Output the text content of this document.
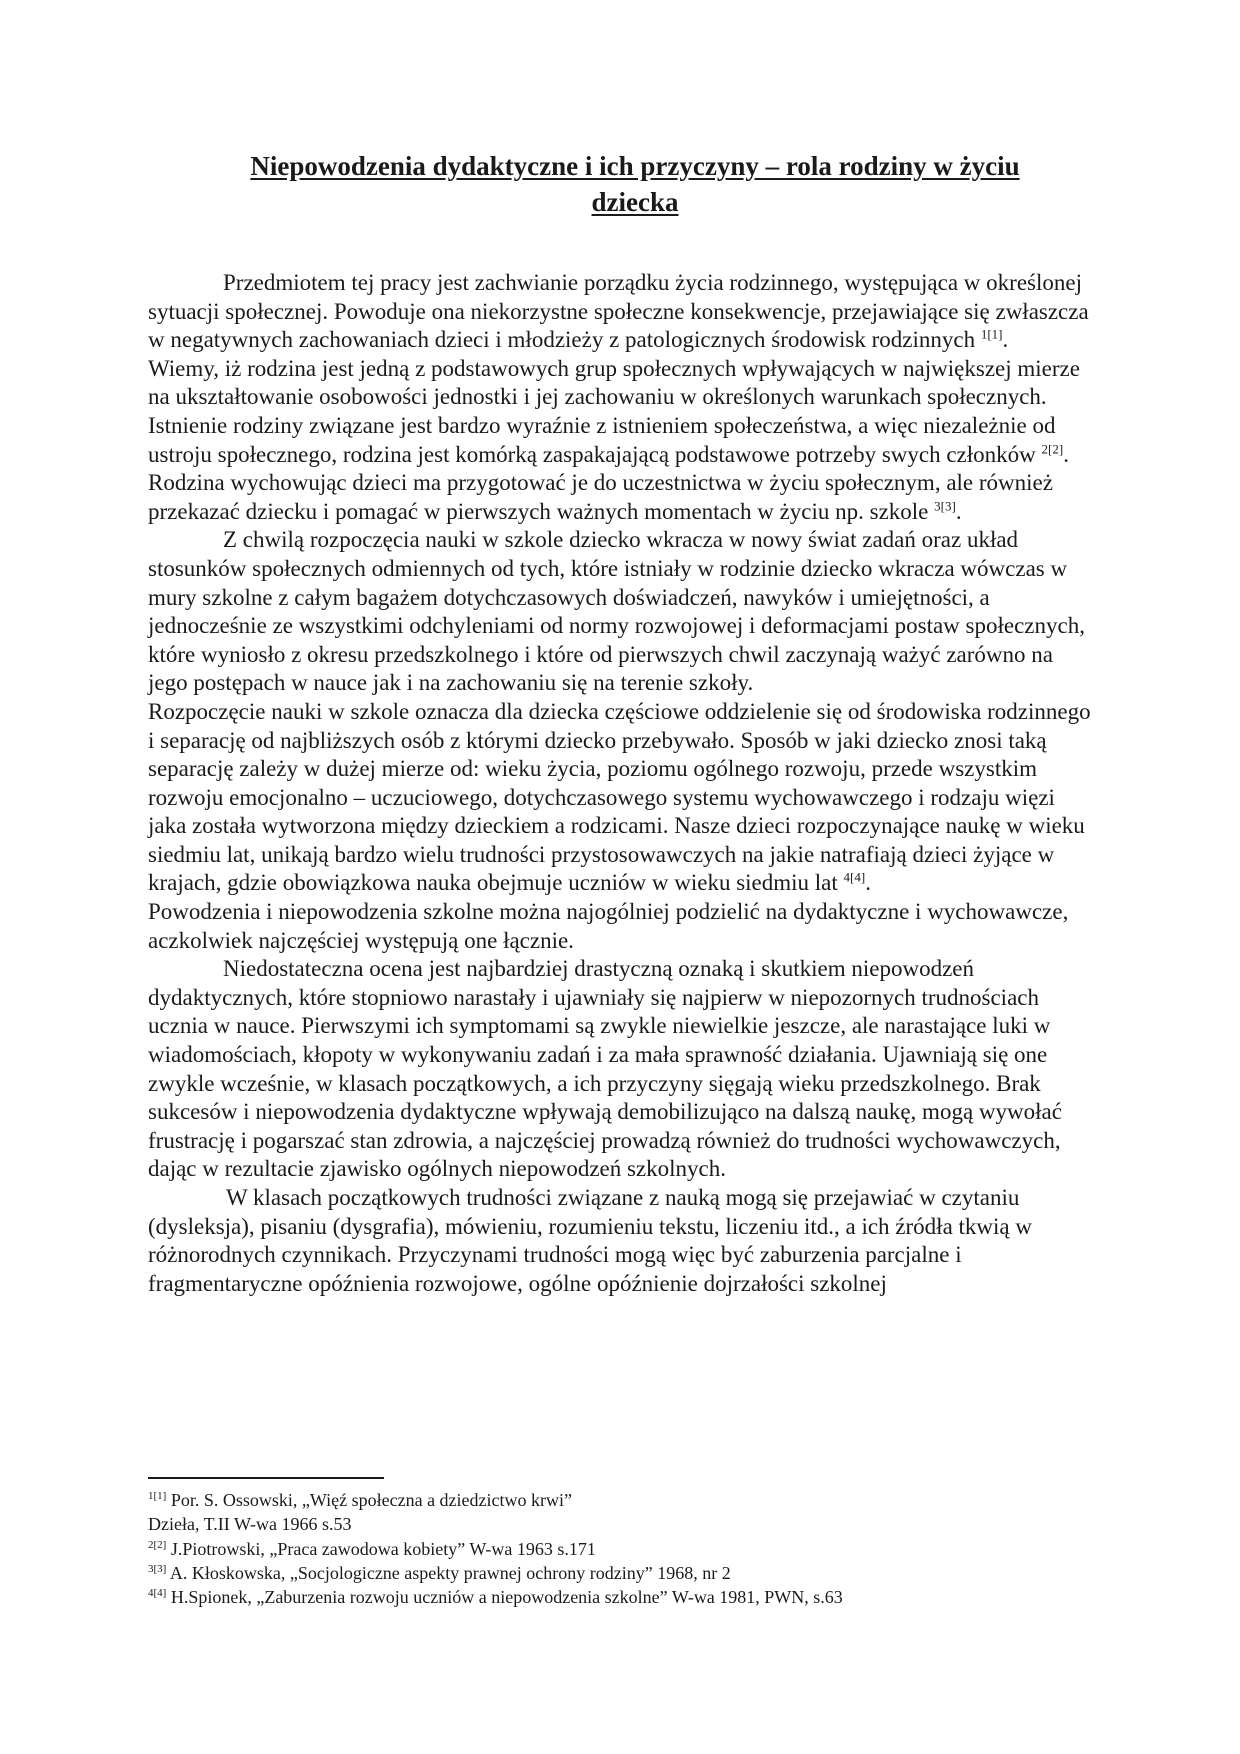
Niepowodzenia dydaktyczne i ich przyczyny – rola rodziny w życiu
dziecka

Przedmiotem tej pracy jest zachwianie porządku życia rodzinnego, występująca w określonej sytuacji społecznej. Powoduje ona niekorzystne społeczne konsekwencje, przejawiające się zwłaszcza w negatywnych zachowaniach dzieci i młodzieży z patologicznych środowisk rodzinnych $^{1[1]}$.

Wiemy, iż rodzina jest jedną z podstawowych grup społecznych wpływających w największej mierze na ukształtowanie osobowości jednostki i jej zachowaniu w określonych warunkach społecznych. Istnienie rodziny związane jest bardzo wyraźnie z istnieniem społeczeństwa, a więc niezależnie od ustroju społecznego, rodzina jest komórką zaspakajającą podstawowe potrzeby swych członków $^{2[2]}$. Rodzina wychowując dzieci ma przygotować je do uczestnictwa w życiu społecznym, ale również przekazać dziecku i pomagać w pierwszych ważnych momentach w życiu np. szkole $^{3[3]}$.

Z chwilą rozpoczęcia nauki w szkole dziecko wkracza w nowy świat zadań oraz układ stosunków społecznych odmiennych od tych, które istniały w rodzinie dziecko wkracza wówczas w mury szkolne z całym bagażem dotychczasowych doświadczeń, nawyków i umiejętności, a jednocześnie ze wszystkimi odchyleniami od normy rozwojowej i deformacjami postaw społecznych, które wyniosło z okresu przedszkolnego i które od pierwszych chwil zaczynają ważyć zarówno na jego postępach w nauce jak i na zachowaniu się na terenie szkoły.

Rozpoczęcie nauki w szkole oznacza dla dziecka częściowe oddzielenie się od środowiska rodzinnego i separację od najbliższych osób z którymi dziecko przebywało. Sposób w jaki dziecko znosi taką separację zależy w dużej mierze od: wieku życia, poziomu ogólnego rozwoju, przede wszystkim rozwoju emocjonalno – uczuciowego, dotychczasowego systemu wychowawczego i rodzaju więzi jaka została wytworzona między dzieckiem a rodzicami. Nasze dzieci rozpoczynające naukę w wieku siedmiu lat, unikają bardzo wielu trudności przystosowawczych na jakie natrafiają dzieci żyjące w krajach, gdzie obowiązkowa nauka obejmuje uczniów w wieku siedmiu lat $^{4[4]}$.

Powodzenia i niepowodzenia szkolne można najogólniej podzielić na dydaktyczne i wychowawcze, aczkolwiek najczęściej występują one łącznie.

Niedostateczna ocena jest najbardziej drastyczną oznaką i skutkiem niepowodzeń dydaktycznych, które stopniowo narastały i ujawniały się najpierw w niepozornych trudnościach ucznia w nauce. Pierwszymi ich symptomami są zwykle niewielkie jeszcze, ale narastające luki w wiadomościach, kłopoty w wykonywaniu zadań i za mała sprawność działania. Ujawniają się one zwykle wcześnie, w klasach początkowych, a ich przyczyny sięgają wieku przedszkolnego. Brak sukcesów i niepowodzenia dydaktyczne wpływają demobilizująco na dalszą naukę, mogą wywołać frustrację i pogarszać stan zdrowia, a najczęściej prowadzą również do trudności wychowawczych, dając w rezultacie zjawisko ogólnych niepowodzeń szkolnych.

W klasach początkowych trudności związane z nauką mogą się przejawiać w czytaniu (dysleksja), pisaniu (dysgrafia), mówieniu, rozumieniu tekstu, liczeniu itd., a ich źródła tkwią w różnorodnych czynnikach. Przyczynami trudności mogą więc być zaburzenia parcjalne i fragmentaryczne opóźnienia rozwojowe, ogólne opóźnienie dojrzałości szkolnej

$^{1[1]}$ Por. S. Ossowski, „Więź społeczna a dziedzictwo krwi”

Dzieła, T.II W-wa 1966 s.53

$^{2[2]}$ J.Piotrowski, „Praca zawodowa kobiety” W-wa 1963 s.171

$^{3[3]}$ A. Kłoskowska, „Socjologiczne aspekty prawnej ochrony rodziny” 1968, nr 2

$^{4[4]}$ H.Spionek, „Zaburzenia rozwoju uczniów a niepowodzenia szkolne” W-wa 1981, PWN, s.63
